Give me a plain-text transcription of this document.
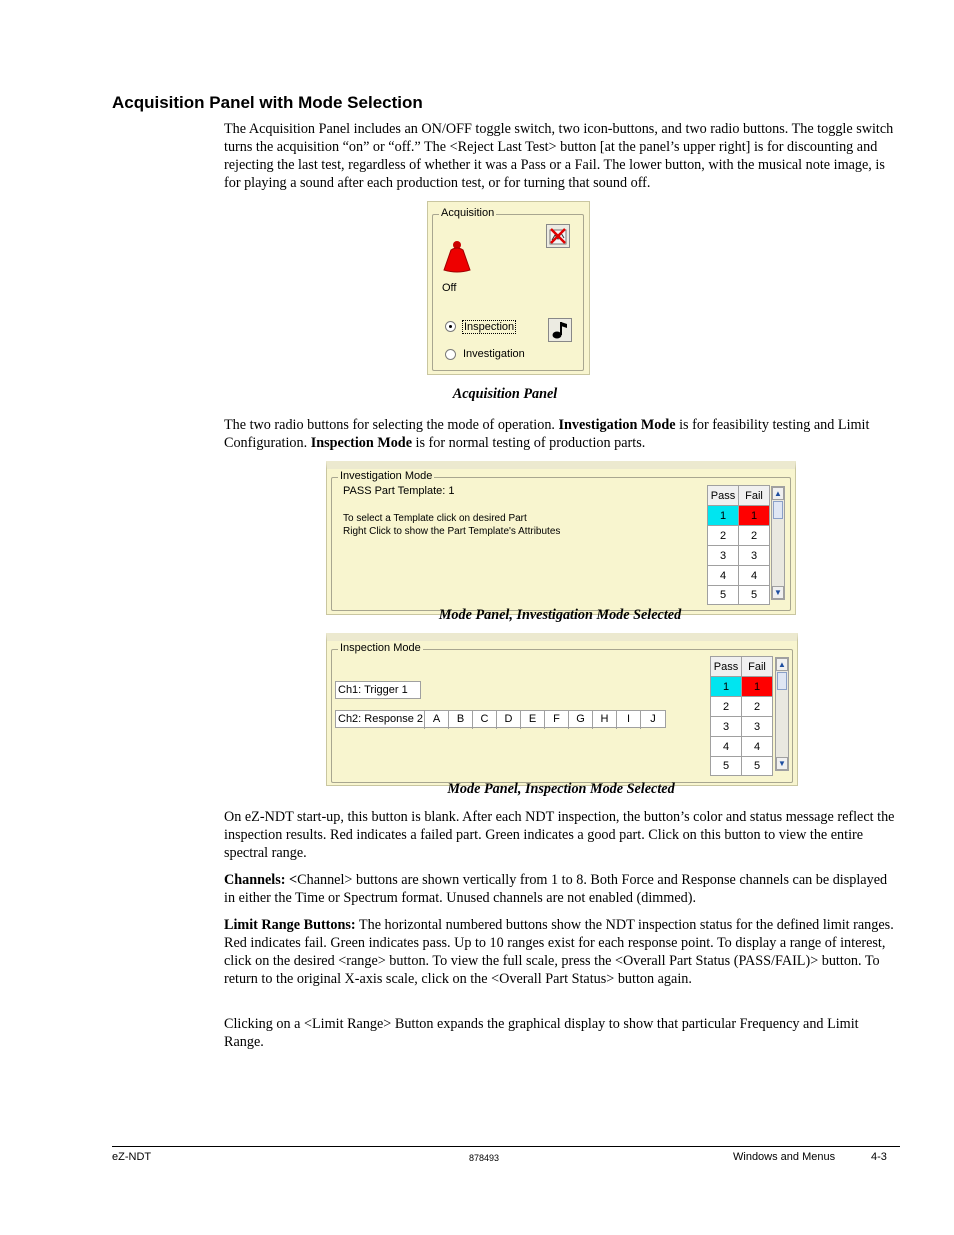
Acquisition Panel with Mode Selection

The Acquisition Panel includes an ON/OFF toggle switch, two icon-buttons, and two radio buttons. The toggle switch turns the acquisition “on” or “off.” The <Reject Last Test> button [at the panel’s upper right] is for discounting and rejecting the last test, regardless of whether it was a Pass or a Fail. The lower button, with the musical note image, is for playing a sound after each production test, or for turning that sound off.

Acquisition
Off
Inspection
Investigation
Acquisition Panel

The two radio buttons for selecting the mode of operation. Investigation Mode is for feasibility testing and Limit Configuration. Inspection Mode is for normal testing of production parts.

Investigation Mode
PASS Part Template: 1
To select a Template click on desired Part
Right Click to show the Part Template's Attributes
Pass	Fail
1	1
2	2
3	3
4	4
5	5
▲
▼
Mode Panel, Investigation Mode Selected
Inspection Mode
Ch1: Trigger 1
Ch2: Response 2 A B C D E F G H I J
Pass	Fail
1	1
2	2
3	3
4	4
5	5
▲
▼
Mode Panel, Inspection Mode Selected

On eZ-NDT start-up, this button is blank. After each NDT inspection, the button’s color and status message reflect the inspection results. Red indicates a failed part. Green indicates a good part. Click on this button to view the entire spectral range.

Channels: <Channel> buttons are shown vertically from 1 to 8. Both Force and Response channels can be displayed in either the Time or Spectrum format. Unused channels are not enabled (dimmed).

Limit Range Buttons: The horizontal numbered buttons show the NDT inspection status for the defined limit ranges. Red indicates fail. Green indicates pass. Up to 10 ranges exist for each response point. To display a range of interest, click on the desired <range> button. To view the full scale, press the <Overall Part Status (PASS/FAIL)> button. To return to the original X-axis scale, click on the <Overall Part Status> button again.

Clicking on a <Limit Range> Button expands the graphical display to show that particular Frequency and Limit Range.

eZ-NDT	878493	Windows and Menus	4-3
